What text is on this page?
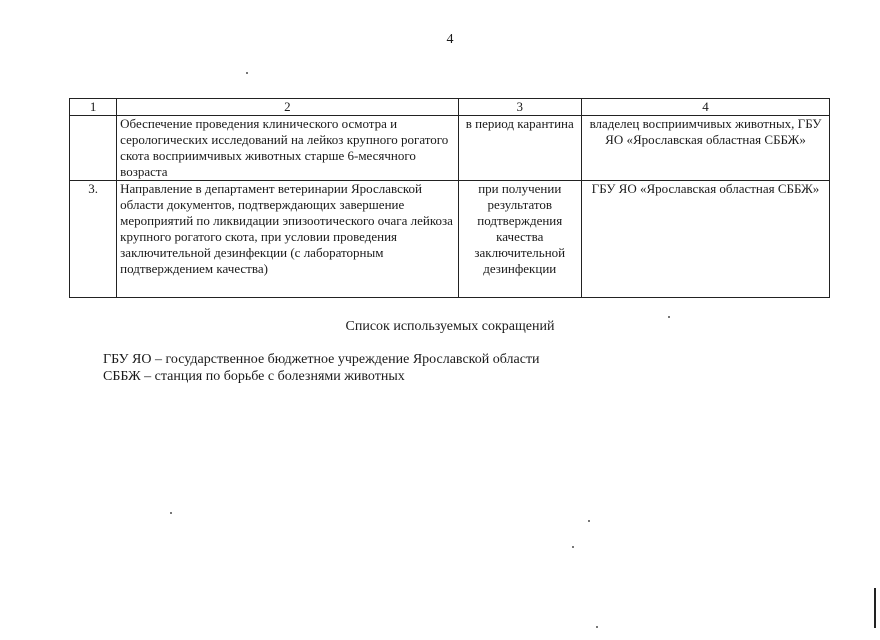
4
1	2	3	4
	Обеспечение проведения клинического осмотра и серологических исследований на лейкоз крупного рогатого скота восприимчивых животных старше 6-месячного возраста	в период карантина	владелец восприимчивых животных, ГБУ ЯО «Ярославская областная СББЖ»
3.	Направление в департамент ветеринарии Ярославской области документов, подтверждающих завершение мероприятий по ликвидации эпизоотического очага лейкоза крупного рогатого скота, при условии проведения заключительной дезинфекции (с лабораторным подтверждением качества)	при получении результатов подтверждения качества заключительной дезинфекции	ГБУ ЯО «Ярославская областная СББЖ»
Список используемых сокращений
ГБУ ЯО – государственное бюджетное учреждение Ярославской области
СББЖ – станция по борьбе с болезнями животных
